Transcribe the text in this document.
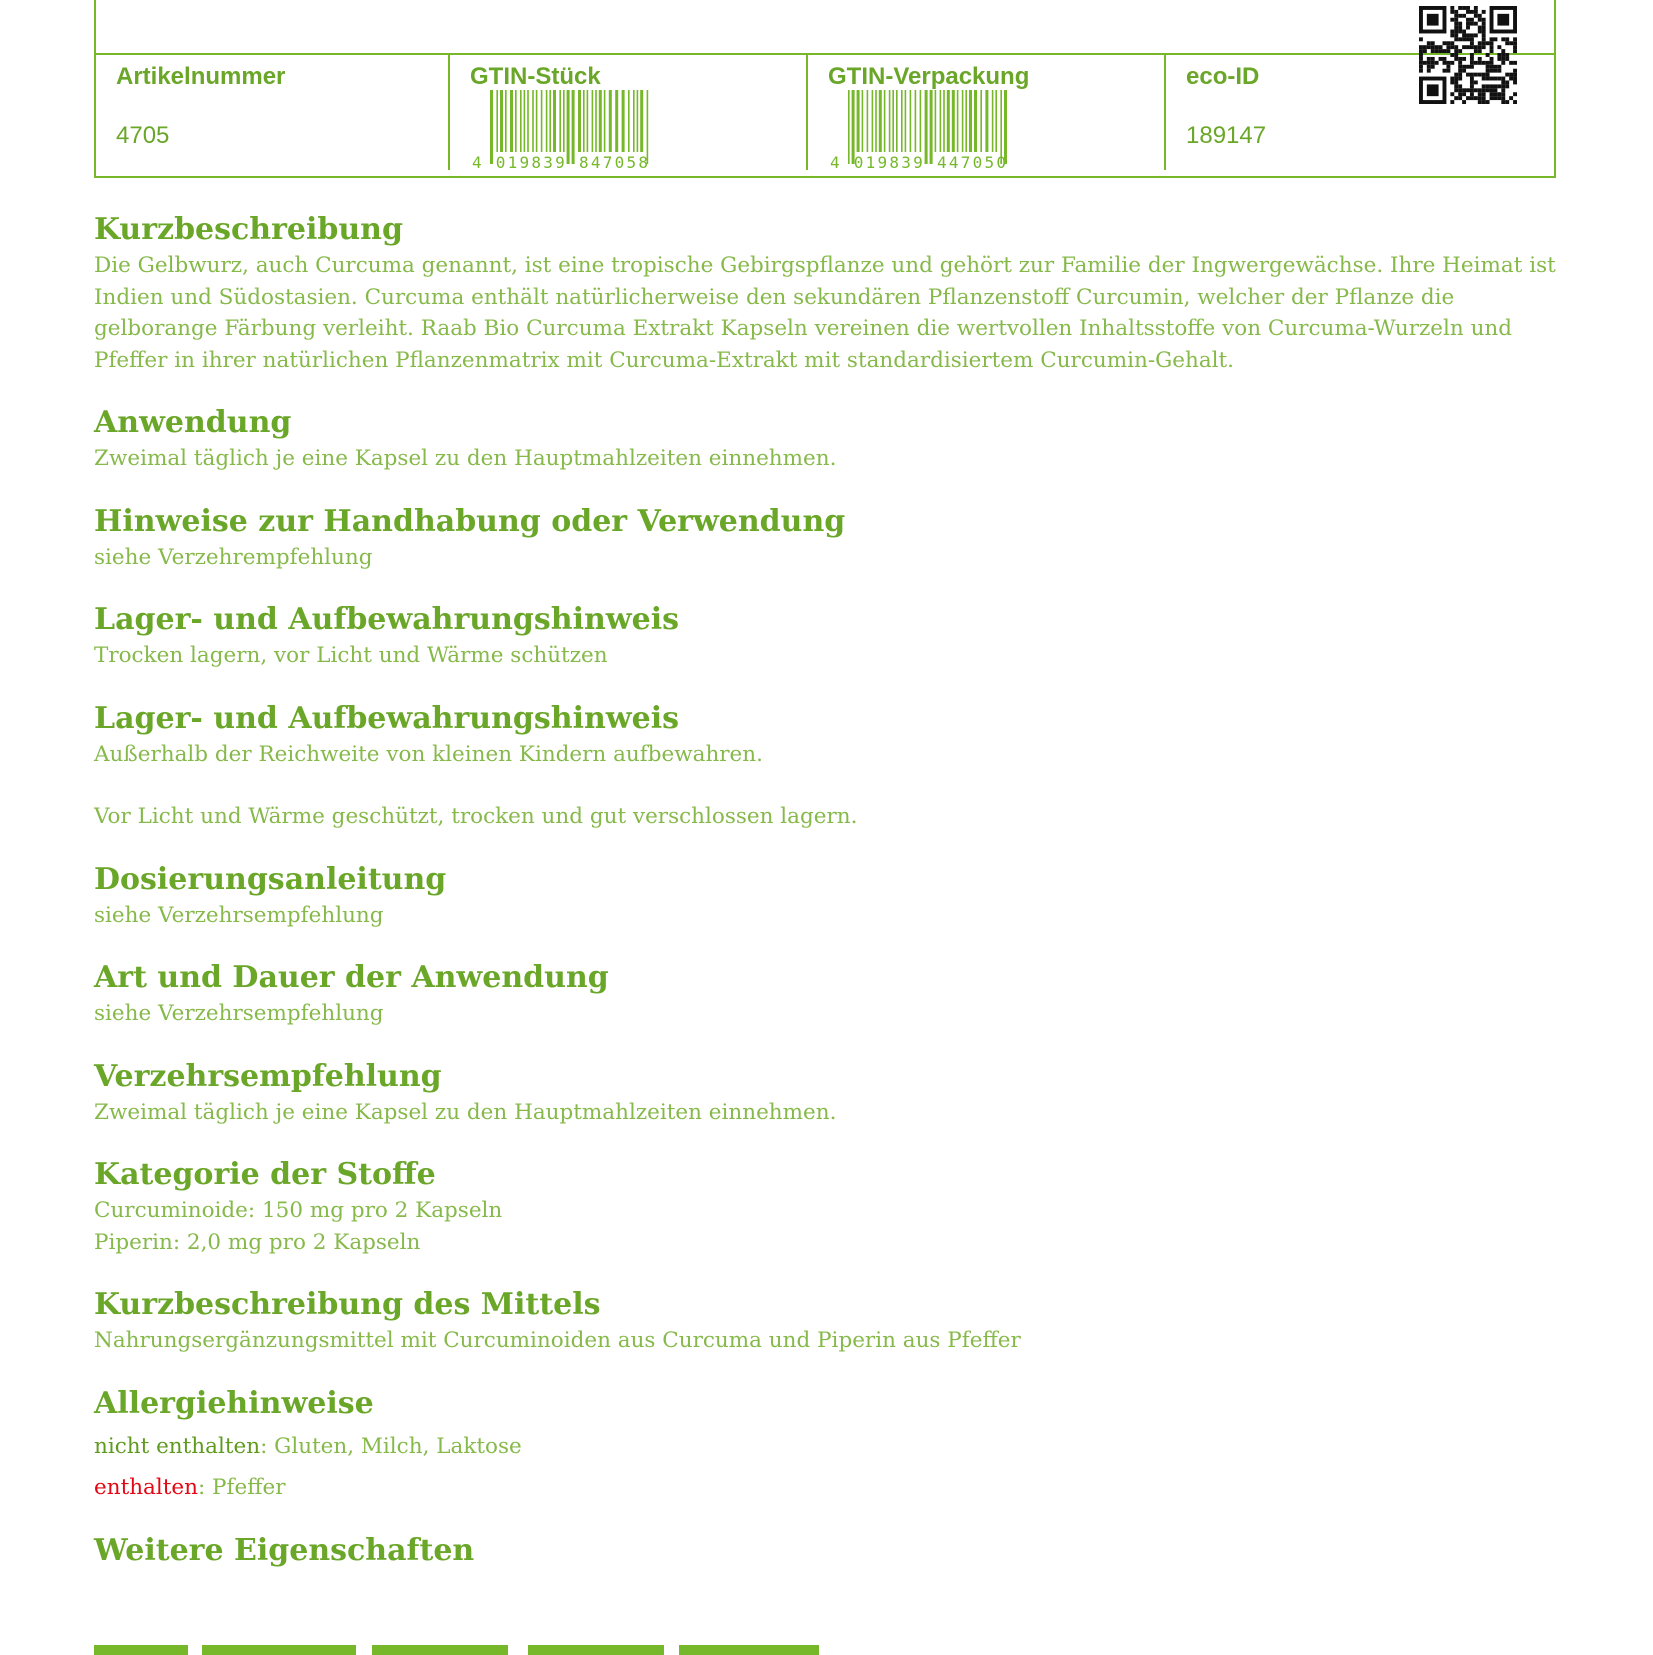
Artikelnummer
4705
GTIN-Stück
4 019839 847058
GTIN-Verpackung
4 019839 447050
eco-ID
189147
Kurzbeschreibung

Die Gelbwurz, auch Curcuma genannt, ist eine tropische Gebirgspflanze und gehört zur Familie der Ingwergewächse. Ihre Heimat ist Indien und Südostasien. Curcuma enthält natürlicherweise den sekundären Pflanzenstoff Curcumin, welcher der Pflanze die gelborange Färbung verleiht. Raab Bio Curcuma Extrakt Kapseln vereinen die wertvollen Inhaltsstoffe von Curcuma-Wurzeln und Pfeffer in ihrer natürlichen Pflanzenmatrix mit Curcuma-Extrakt mit standardisiertem Curcumin-Gehalt.

Anwendung

Zweimal täglich je eine Kapsel zu den Hauptmahlzeiten einnehmen.

Hinweise zur Handhabung oder Verwendung

siehe Verzehrempfehlung

Lager- und Aufbewahrungshinweis

Trocken lagern, vor Licht und Wärme schützen

Lager- und Aufbewahrungshinweis

Außerhalb der Reichweite von kleinen Kindern aufbewahren.

Vor Licht und Wärme geschützt, trocken und gut verschlossen lagern.

Dosierungsanleitung

siehe Verzehrsempfehlung

Art und Dauer der Anwendung

siehe Verzehrsempfehlung

Verzehrsempfehlung

Zweimal täglich je eine Kapsel zu den Hauptmahlzeiten einnehmen.

Kategorie der Stoffe

Curcuminoide: 150 mg pro 2 Kapseln

Piperin: 2,0 mg pro 2 Kapseln

Kurzbeschreibung des Mittels

Nahrungsergänzungsmittel mit Curcuminoiden aus Curcuma und Piperin aus Pfeffer

Allergiehinweise

nicht enthalten: Gluten, Milch, Laktose

enthalten: Pfeffer

Weitere Eigenschaften
